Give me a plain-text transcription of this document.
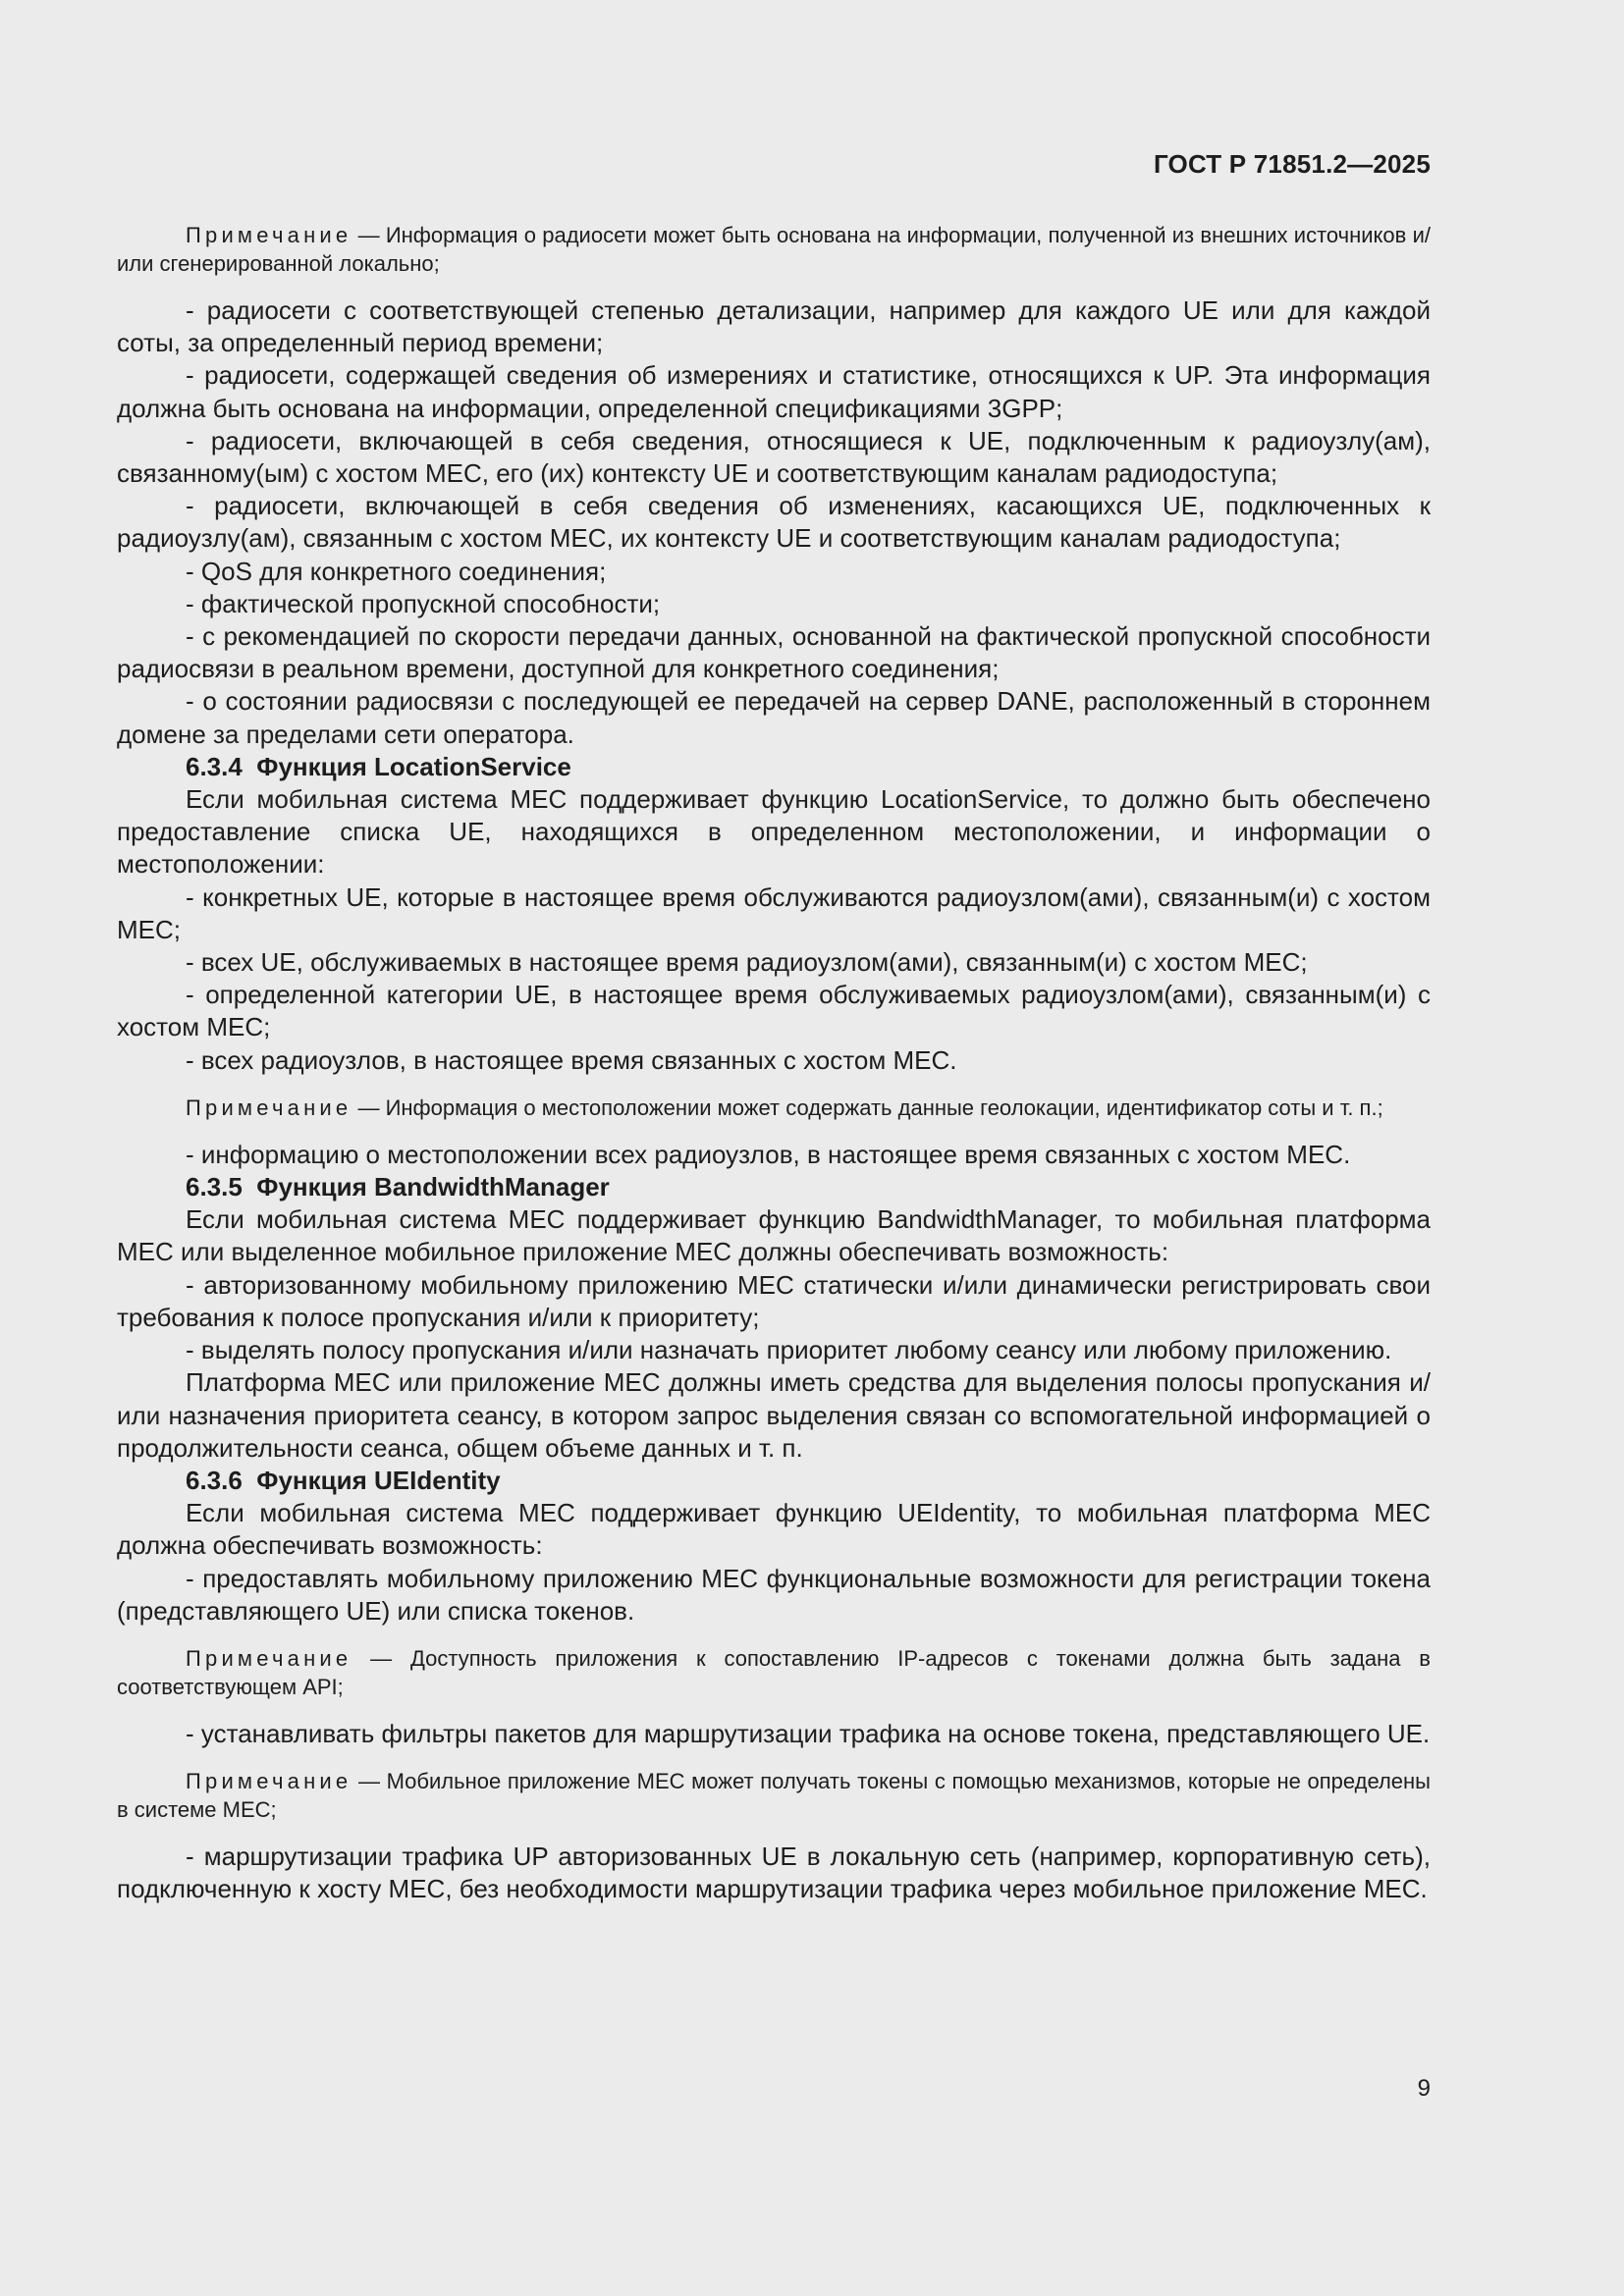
ГОСТ Р 71851.2—2025

Примечание — Информация о радиосети может быть основана на информации, полученной из внешних источников и/или сгенерированной локально;

- радиосети с соответствующей степенью детализации, например для каждого UE или для каждой соты, за определенный период времени;

- радиосети, содержащей сведения об измерениях и статистике, относящихся к UP. Эта информация должна быть основана на информации, определенной спецификациями 3GPP;

- радиосети, включающей в себя сведения, относящиеся к UE, подключенным к радиоузлу(ам), связанному(ым) с хостом МЕС, его (их) контексту UE и соответствующим каналам радиодоступа;

- радиосети, включающей в себя сведения об изменениях, касающихся UE, подключенных к радиоузлу(ам), связанным с хостом МЕС, их контексту UE и соответствующим каналам радиодоступа;

- QoS для конкретного соединения;

- фактической пропускной способности;

- с рекомендацией по скорости передачи данных, основанной на фактической пропускной способности радиосвязи в реальном времени, доступной для конкретного соединения;

- о состоянии радиосвязи с последующей ее передачей на сервер DANE, расположенный в стороннем домене за пределами сети оператора.

6.3.4  Функция LocationService

Если мобильная система МЕС поддерживает функцию LocationService, то должно быть обеспечено предоставление списка UE, находящихся в определенном местоположении, и информации о местоположении:

- конкретных UE, которые в настоящее время обслуживаются радиоузлом(ами), связанным(и) с хостом МЕС;

- всех UE, обслуживаемых в настоящее время радиоузлом(ами), связанным(и) с хостом МЕС;

- определенной категории UE, в настоящее время обслуживаемых радиоузлом(ами), связанным(и) с хостом МЕС;

- всех радиоузлов, в настоящее время связанных с хостом МЕС.

Примечание — Информация о местоположении может содержать данные геолокации, идентификатор соты и т. п.;

- информацию о местоположении всех радиоузлов, в настоящее время связанных с хостом МЕС.

6.3.5  Функция BandwidthManager

Если мобильная система МЕС поддерживает функцию BandwidthManager, то мобильная платформа МЕС или выделенное мобильное приложение МЕС должны обеспечивать возможность:

- авторизованному мобильному приложению МЕС статически и/или динамически регистрировать свои требования к полосе пропускания и/или к приоритету;

- выделять полосу пропускания и/или назначать приоритет любому сеансу или любому приложению.

Платформа МЕС или приложение МЕС должны иметь средства для выделения полосы пропускания и/или назначения приоритета сеансу, в котором запрос выделения связан со вспомогательной информацией о продолжительности сеанса, общем объеме данных и т. п.

6.3.6  Функция UEIdentity

Если мобильная система МЕС поддерживает функцию UEIdentity, то мобильная платформа МЕС должна обеспечивать возможность:

- предоставлять мобильному приложению МЕС функциональные возможности для регистрации токена (представляющего UE) или списка токенов.

Примечание — Доступность приложения к сопоставлению IP-адресов с токенами должна быть задана в соответствующем API;

- устанавливать фильтры пакетов для маршрутизации трафика на основе токена, представляющего UE.

Примечание — Мобильное приложение МЕС может получать токены с помощью механизмов, которые не определены в системе МЕС;

- маршрутизации трафика UP авторизованных UE в локальную сеть (например, корпоративную сеть), подключенную к хосту МЕС, без необходимости маршрутизации трафика через мобильное приложение МЕС.

9
